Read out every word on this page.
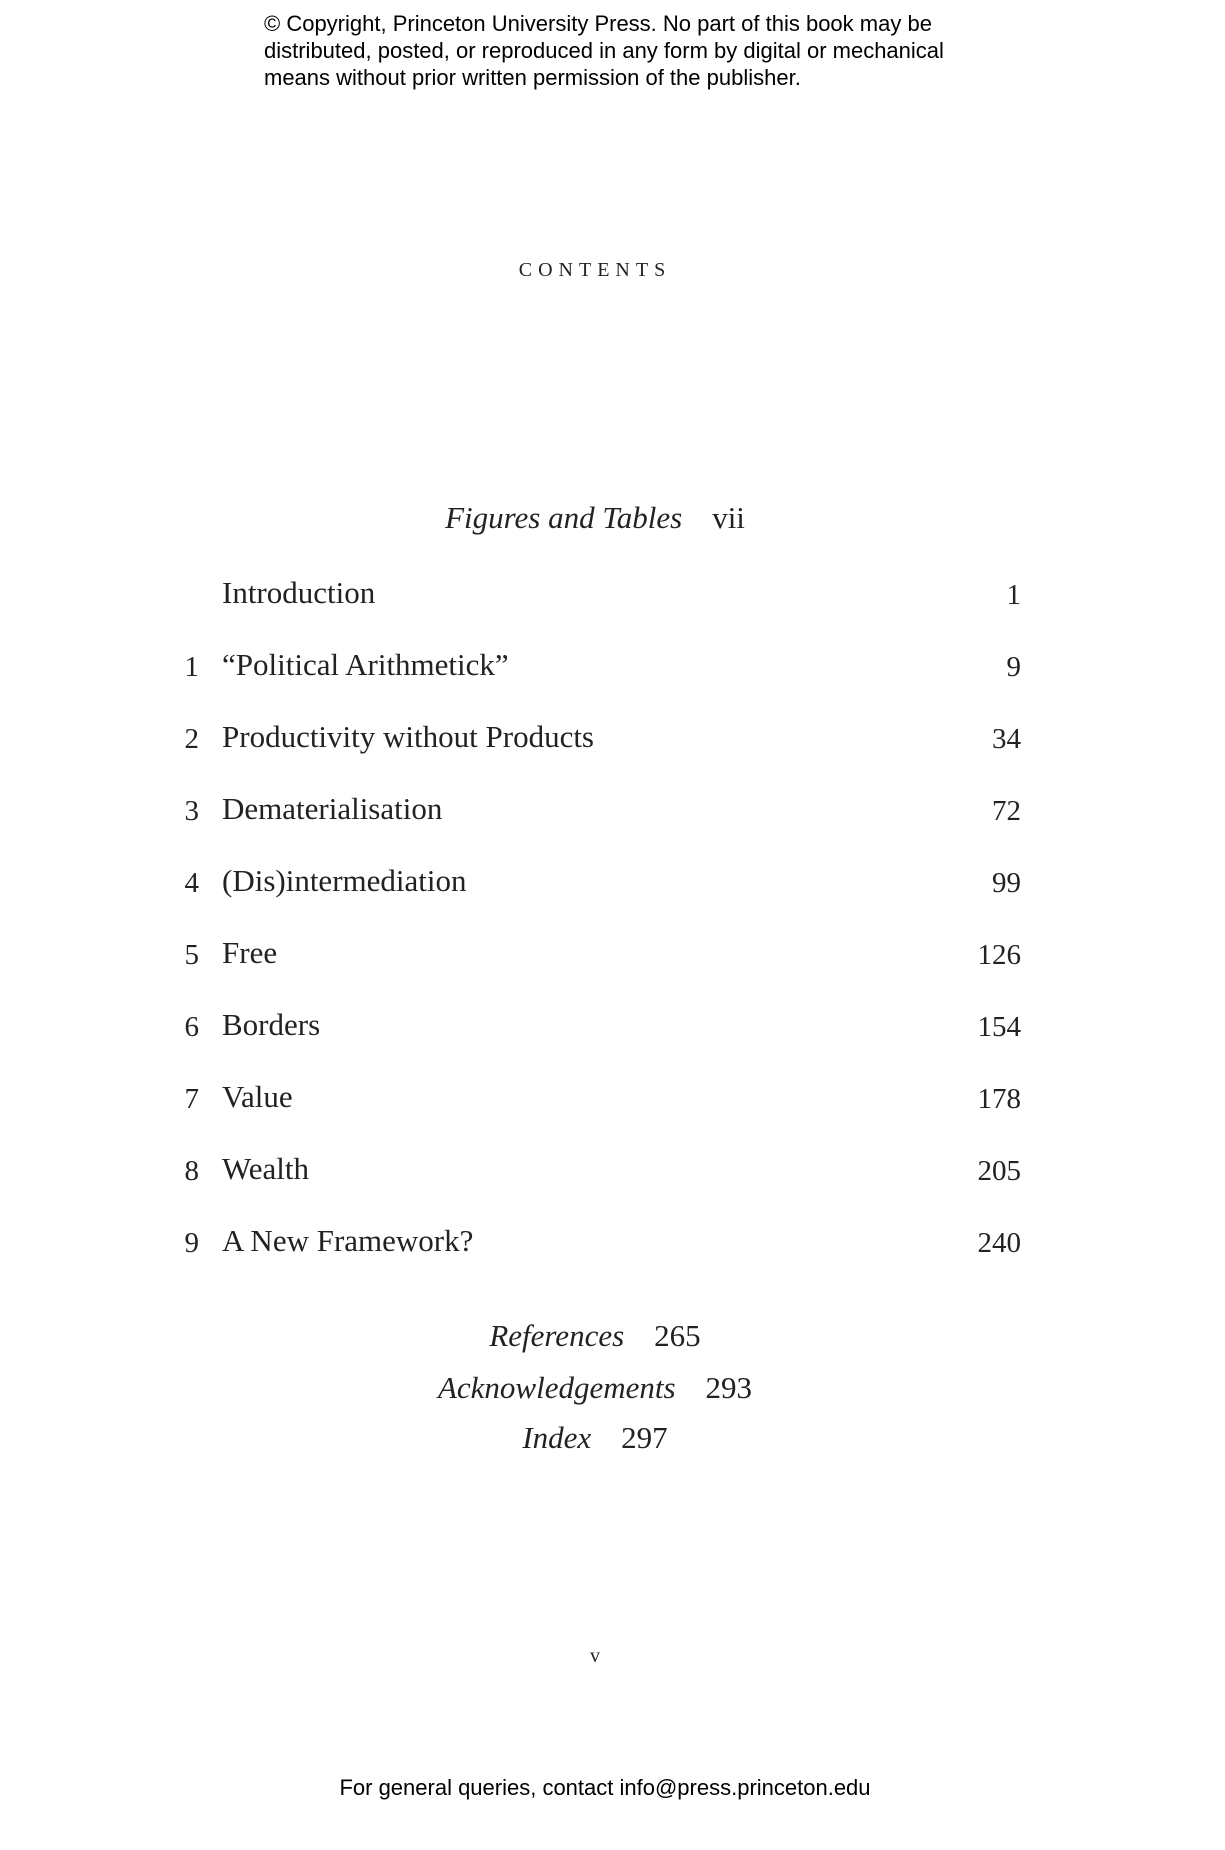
© Copyright, Princeton University Press. No part of this book may be
distributed, posted, or reproduced in any form by digital or mechanical
means without prior written permission of the publisher.
contents
Figures and Tables vii
Introduction	1
1 “Political Arithmetick”	9
2 Productivity without Products	34
3 Dematerialisation	72
4 (Dis)intermediation	99
5 Free	126
6 Borders	154
7 Value	178
8 Wealth	205
9 A New Framework?	240
References 265
Acknowledgements 293
Index 297
v
For general queries, contact info@press.princeton.edu
